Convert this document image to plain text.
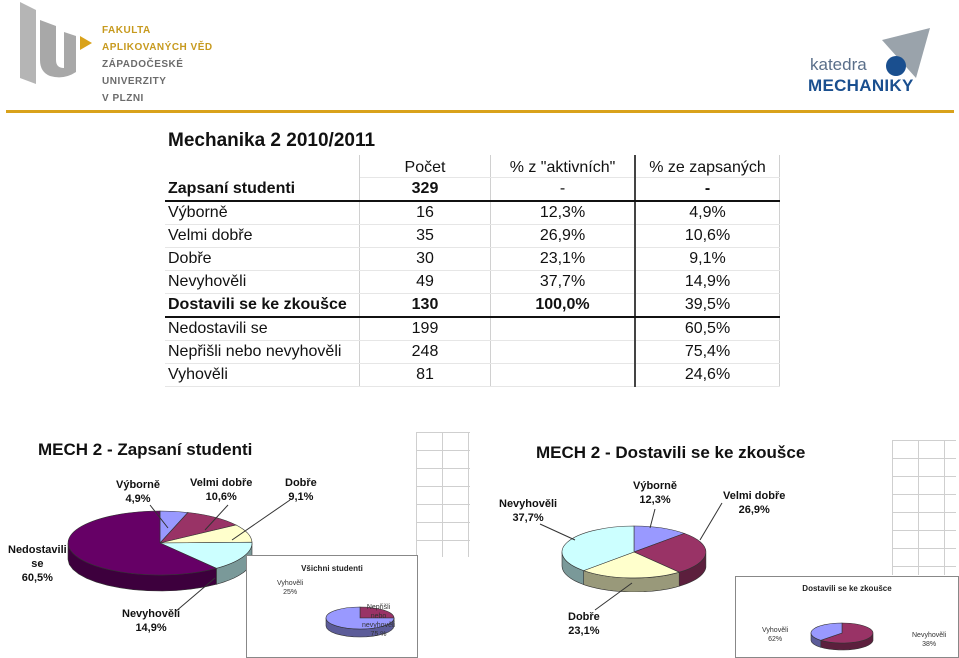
FAKULTA
APLIKOVANÝCH VĚD
ZÁPADOČESKÉ
UNIVERZITY
V PLZNI
katedra
MECHANIKY
Mechanika 2 2010/2011
	Počet	% z "aktivních"	% ze zapsaných
Zapsaní studenti	329	-	-
Výborně	16	12,3%	4,9%
Velmi dobře	35	26,9%	10,6%
Dobře	30	23,1%	9,1%
Nevyhověli	49	37,7%	14,9%
Dostavili se ke zkoušce	130	100,0%	39,5%
Nedostavili se	199		60,5%
Nepřišli nebo nevyhověli	248		75,4%
Vyhověli	81		24,6%
MECH 2 - Zapsaní studenti
Výborně
4,9%
Velmi dobře
10,6%
Dobře
9,1%
Nedostavili
se
60,5%
Nevyhověli
14,9%
Všichni studenti
Vyhověli
25%
Nepřišli
nebo
nevyhověli
75 %
MECH 2 - Dostavili se ke zkoušce
Výborně
12,3%	Velmi dobře
26,9%
Nevyhověli
37,7%
Dobře
23,1%
Dostavili se ke zkoušce
Vyhověli
62%
Nevyhověli
38%
